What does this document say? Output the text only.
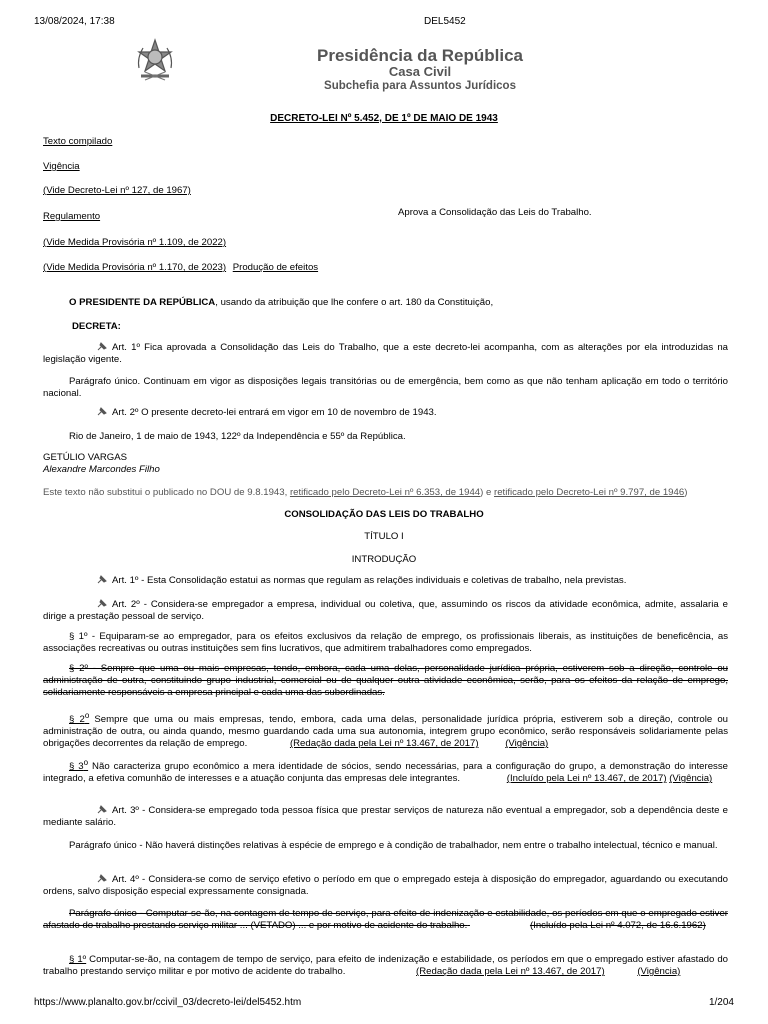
13/08/2024, 17:38	DEL5452
Presidência da República
Casa Civil
Subchefia para Assuntos Jurídicos
DECRETO-LEI Nº 5.452, DE 1º DE MAIO DE 1943
Texto compilado
Vigência
(Vide Decreto-Lei nº 127, de 1967)
Regulamento
(Vide Medida Provisória nº 1.109, de 2022)
(Vide Medida Provisória nº 1.170, de 2023) Produção de efeitos
Aprova a Consolidação das Leis do Trabalho.
O PRESIDENTE DA REPÚBLICA, usando da atribuição que lhe confere o art. 180 da Constituição,
DECRETA:
Art. 1º Fica aprovada a Consolidação das Leis do Trabalho, que a este decreto-lei acompanha, com as alterações por ela introduzidas na legislação vigente.
Parágrafo único. Continuam em vigor as disposições legais transitórias ou de emergência, bem como as que não tenham aplicação em todo o território nacional.
Art. 2º O presente decreto-lei entrará em vigor em 10 de novembro de 1943.
Rio de Janeiro, 1 de maio de 1943, 122º da Independência e 55º da República.
GETÚLIO VARGAS
Alexandre Marcondes Filho
Este texto não substitui o publicado no DOU de 9.8.1943, retificado pelo Decreto-Lei nº 6.353, de 1944) e retificado pelo Decreto-Lei nº 9.797, de 1946)
CONSOLIDAÇÃO DAS LEIS DO TRABALHO
TÍTULO I
INTRODUÇÃO
Art. 1º - Esta Consolidação estatui as normas que regulam as relações individuais e coletivas de trabalho, nela previstas.
Art. 2º - Considera-se empregador a empresa, individual ou coletiva, que, assumindo os riscos da atividade econômica, admite, assalaria e dirige a prestação pessoal de serviço.
§ 1º - Equiparam-se ao empregador, para os efeitos exclusivos da relação de emprego, os profissionais liberais, as instituições de beneficência, as associações recreativas ou outras instituições sem fins lucrativos, que admitirem trabalhadores como empregados.
§ 2º - Sempre que uma ou mais empresas, tendo, embora, cada uma delas, personalidade jurídica própria, estiverem sob a direção, controle ou administração de outra, constituindo grupo industrial, comercial ou de qualquer outra atividade econômica, serão, para os efeitos da relação de emprego, solidariamente responsáveis a empresa principal e cada uma das subordinadas.
§ 2$^o$ Sempre que uma ou mais empresas, tendo, embora, cada uma delas, personalidade jurídica própria, estiverem sob a direção, controle ou administração de outra, ou ainda quando, mesmo guardando cada uma sua autonomia, integrem grupo econômico, serão responsáveis solidariamente pelas obrigações decorrentes da relação de emprego.	(Redação dada pela Lei nº 13.467, de 2017)	(Vigência)
§ 3$^o$ Não caracteriza grupo econômico a mera identidade de sócios, sendo necessárias, para a configuração do grupo, a demonstração do interesse integrado, a efetiva comunhão de interesses e a atuação conjunta das empresas dele integrantes.	(Incluído pela Lei nº 13.467, de 2017) (Vigência)
Art. 3º - Considera-se empregado toda pessoa física que prestar serviços de natureza não eventual a empregador, sob a dependência deste e mediante salário.
Parágrafo único - Não haverá distinções relativas à espécie de emprego e à condição de trabalhador, nem entre o trabalho intelectual, técnico e manual.
Art. 4º - Considera-se como de serviço efetivo o período em que o empregado esteja à disposição do empregador, aguardando ou executando ordens, salvo disposição especial expressamente consignada.
Parágrafo único - Computar-se-ão, na contagem de tempo de serviço, para efeito de indenização e estabilidade, os períodos em que o empregado estiver afastado do trabalho prestando serviço militar ... (VETADO) ... e por motivo de acidente do trabalho.	(Incluído pela Lei nº 4.072, de 16.6.1962)
§ 1º Computar-se-ão, na contagem de tempo de serviço, para efeito de indenização e estabilidade, os períodos em que o empregado estiver afastado do trabalho prestando serviço militar e por motivo de acidente do trabalho.	(Redação dada pela Lei nº 13.467, de 2017)	(Vigência)
https://www.planalto.gov.br/ccivil_03/decreto-lei/del5452.htm	1/204
